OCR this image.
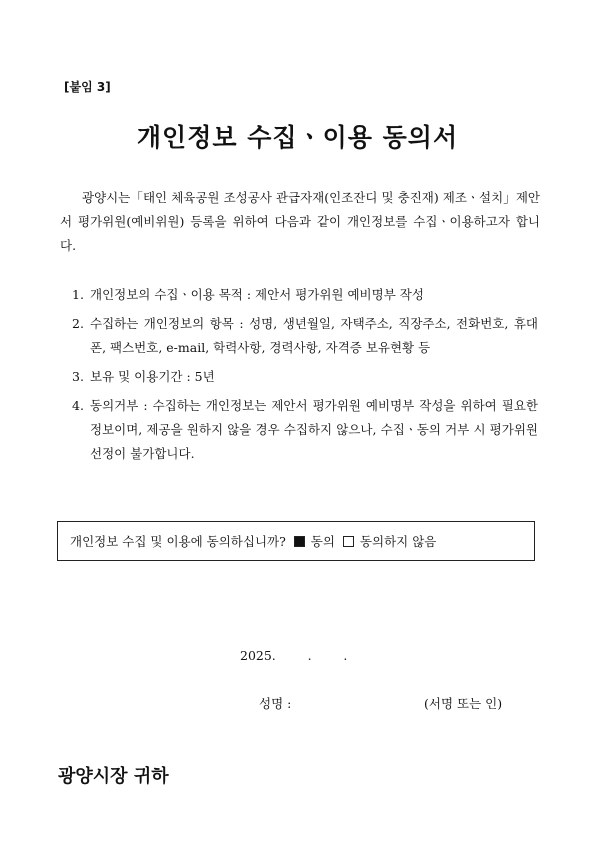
[붙임 3]
개인정보 수집ㆍ이용 동의서
광양시는「태인 체육공원 조성공사 관급자재(인조잔디 및 충진재) 제조ㆍ설치」제안서 평가위원(예비위원) 등록을 위하여 다음과 같이 개인정보를 수집ㆍ이용하고자 합니다.
1. 개인정보의 수집ㆍ이용 목적 : 제안서 평가위원 예비명부 작성
2. 수집하는 개인정보의 항목 : 성명, 생년월일, 자택주소, 직장주소, 전화번호, 휴대폰, 팩스번호, e-mail, 학력사항, 경력사항, 자격증 보유현황 등
3. 보유 및 이용기간 : 5년
4. 동의거부 : 수집하는 개인정보는 제안서 평가위원 예비명부 작성을 위하여 필요한 정보이며, 제공을 원하지 않을 경우 수집하지 않으나, 수집ㆍ동의 거부 시 평가위원 선정이 불가합니다.
개인정보 수집 및 이용에 동의하십니까? 동의 동의하지 않음
2025.        .        .
성명 :	(서명 또는 인)
광양시장 귀하
